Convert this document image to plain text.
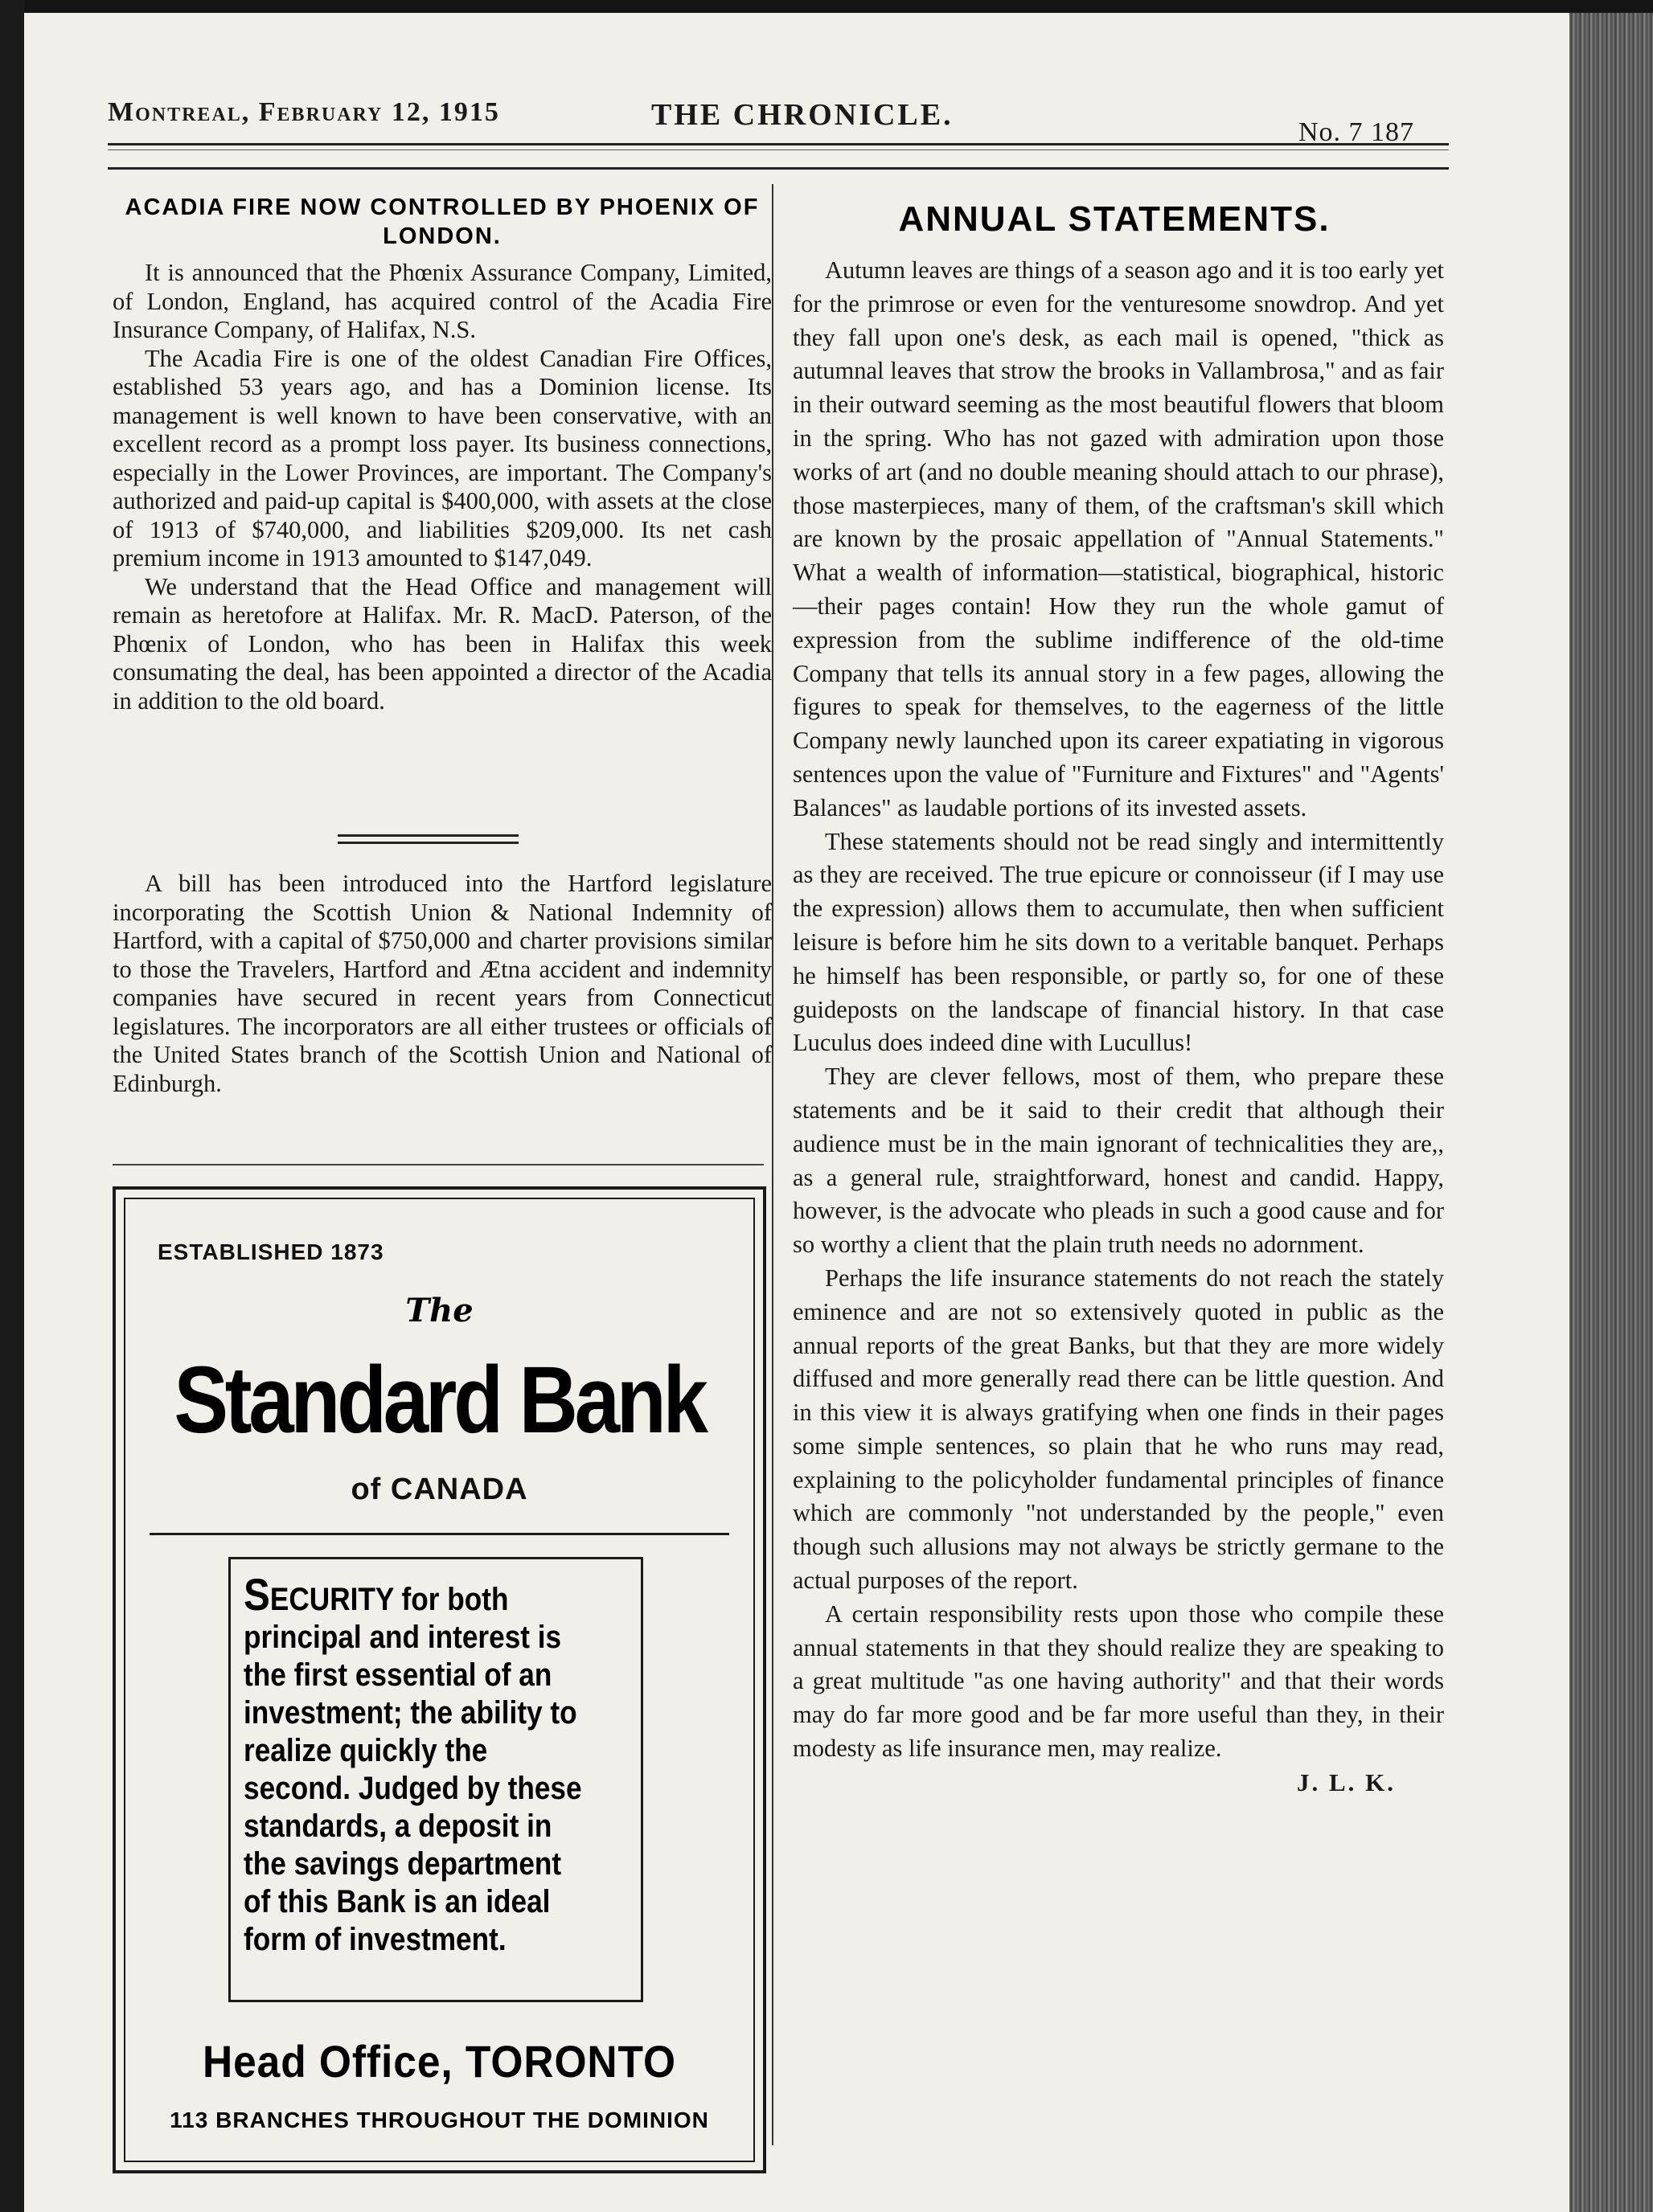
Montreal, February 12, 1915	THE CHRONICLE.
No. 7 187
ACADIA FIRE NOW CONTROLLED BY PHOENIX OF LONDON.

It is announced that the Phœnix Assurance Company, Limited, of London, England, has acquired control of the Acadia Fire Insurance Company, of Halifax, N.S.

The Acadia Fire is one of the oldest Canadian Fire Offices, established 53 years ago, and has a Dominion license. Its management is well known to have been conservative, with an excellent record as a prompt loss payer. Its business connections, especially in the Lower Provinces, are important. The Company's authorized and paid-up capital is $400,000, with assets at the close of 1913 of $740,000, and liabilities $209,000. Its net cash premium income in 1913 amounted to $147,049.

We understand that the Head Office and management will remain as heretofore at Halifax. Mr. R. MacD. Paterson, of the Phœnix of London, who has been in Halifax this week consumating the deal, has been appointed a director of the Acadia in addition to the old board.

A bill has been introduced into the Hartford legislature incorporating the Scottish Union & National Indemnity of Hartford, with a capital of $750,000 and charter provisions similar to those the Travelers, Hartford and Ætna accident and indemnity companies have secured in recent years from Connecticut legislatures. The incorporators are all either trustees or officials of the United States branch of the Scottish Union and National of Edinburgh.

ESTABLISHED 1873
The
Standard Bank
of CANADA
SECURITY for both principal and interest is the first essential of an investment; the ability to realize quickly the second. Judged by these standards, a deposit in the savings department of this Bank is an ideal form of investment.
Head Office, TORONTO
113 BRANCHES THROUGHOUT THE DOMINION
ANNUAL STATEMENTS.

Autumn leaves are things of a season ago and it is too early yet for the primrose or even for the venturesome snowdrop. And yet they fall upon one's desk, as each mail is opened, "thick as autumnal leaves that strow the brooks in Vallambrosa," and as fair in their outward seeming as the most beautiful flowers that bloom in the spring. Who has not gazed with admiration upon those works of art (and no double meaning should attach to our phrase), those masterpieces, many of them, of the craftsman's skill which are known by the prosaic appellation of "Annual Statements." What a wealth of information—statistical, biographical, historic—their pages contain! How they run the whole gamut of expression from the sublime indifference of the old-time Company that tells its annual story in a few pages, allowing the figures to speak for themselves, to the eagerness of the little Company newly launched upon its career expatiating in vigorous sentences upon the value of "Furniture and Fixtures" and "Agents' Balances" as laudable portions of its invested assets.

These statements should not be read singly and intermittently as they are received. The true epicure or connoisseur (if I may use the expression) allows them to accumulate, then when sufficient leisure is before him he sits down to a veritable banquet. Perhaps he himself has been responsible, or partly so, for one of these guideposts on the landscape of financial history. In that case Luculus does indeed dine with Lucullus!

They are clever fellows, most of them, who prepare these statements and be it said to their credit that although their audience must be in the main ignorant of technicalities they are,, as a general rule, straightforward, honest and candid. Happy, however, is the advocate who pleads in such a good cause and for so worthy a client that the plain truth needs no adornment.

Perhaps the life insurance statements do not reach the stately eminence and are not so extensively quoted in public as the annual reports of the great Banks, but that they are more widely diffused and more generally read there can be little question. And in this view it is always gratifying when one finds in their pages some simple sentences, so plain that he who runs may read, explaining to the policyholder fundamental principles of finance which are commonly "not understanded by the people," even though such allusions may not always be strictly germane to the actual purposes of the report.

A certain responsibility rests upon those who compile these annual statements in that they should realize they are speaking to a great multitude "as one having authority" and that their words may do far more good and be far more useful than they, in their modesty as life insurance men, may realize.

J. L. K.
